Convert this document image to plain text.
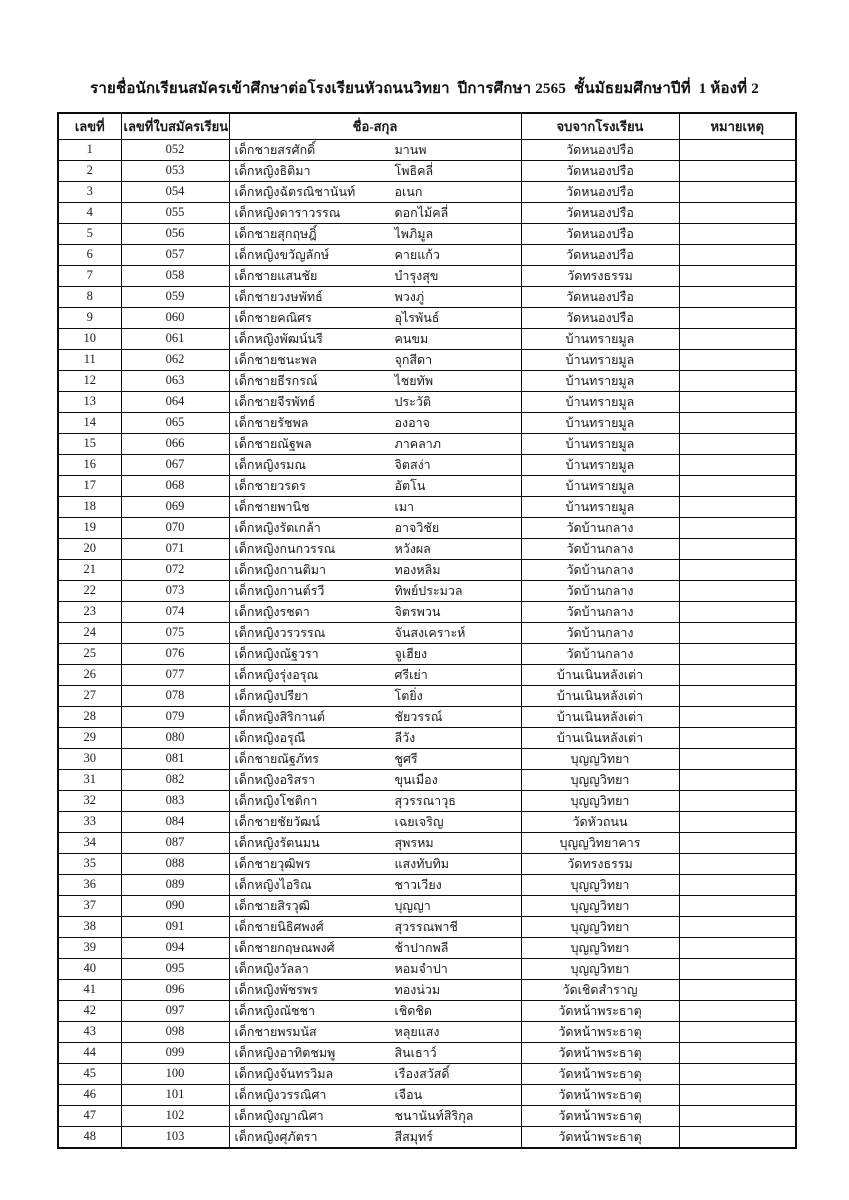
รายชื่อนักเรียนสมัครเข้าศึกษาต่อโรงเรียนหัวถนนวิทยา  ปีการศึกษา 2565  ชั้นมัธยมศึกษาปีที่  1 ห้องที่ 2
เลขที่	เลขที่ใบสมัครเรียน	ชื่อ-สกุล	จบจากโรงเรียน	หมายเหตุ
1	052	เด็กชายสรศักดิ์ มานพ	วัดหนองปรือ	
2	053	เด็กหญิงธิติมา โพธิคลี่	วัดหนองปรือ	
3	054	เด็กหญิงฉัตรณิชานันท์ อเนก	วัดหนองปรือ	
4	055	เด็กหญิงดาราวรรณ ดอกไม้คลี่	วัดหนองปรือ	
5	056	เด็กชายสุกฤษฎิ์ ไพภิมูล	วัดหนองปรือ	
6	057	เด็กหญิงขวัญลักษ์ คายแก้ว	วัดหนองปรือ	
7	058	เด็กชายแสนชัย บำรุงสุข	วัดทรงธรรม	
8	059	เด็กชายวงษพัทธ์ พวงภู่	วัดหนองปรือ	
9	060	เด็กชายคณิศร อุไรพันธ์	วัดหนองปรือ	
10	061	เด็กหญิงพัฒน์นรี คนขม	บ้านทรายมูล	
11	062	เด็กชายชนะพล จุกสีดา	บ้านทรายมูล	
12	063	เด็กชายธีรกรณ์ ไชยทัพ	บ้านทรายมูล	
13	064	เด็กชายจีรพัทธ์ ประวัติ	บ้านทรายมูล	
14	065	เด็กชายรัชพล องอาจ	บ้านทรายมูล	
15	066	เด็กชายณัฐพล ภาคลาภ	บ้านทรายมูล	
16	067	เด็กหญิงรมณ จิตสง่า	บ้านทรายมูล	
17	068	เด็กชายวรดร อัตโน	บ้านทรายมูล	
18	069	เด็กชายพานิช เมา	บ้านทรายมูล	
19	070	เด็กหญิงรัตเกล้า อาจวิชัย	วัดบ้านกลาง	
20	071	เด็กหญิงกนกวรรณ หวังผล	วัดบ้านกลาง	
21	072	เด็กหญิงกานติมา ทองหลิม	วัดบ้านกลาง	
22	073	เด็กหญิงกานต์รวี ทิพย์ประมวล	วัดบ้านกลาง	
23	074	เด็กหญิงรชดา จิตรพวน	วัดบ้านกลาง	
24	075	เด็กหญิงวรวรรณ จันสงเคราะห์	วัดบ้านกลาง	
25	076	เด็กหญิงณัฐวรา จูเฮียง	วัดบ้านกลาง	
26	077	เด็กหญิงรุ่งอรุณ ศรีเย่า	บ้านเนินหลังเต่า	
27	078	เด็กหญิงปรียา โตยิ่ง	บ้านเนินหลังเต่า	
28	079	เด็กหญิงสิริกานต์ ชัยวรรณ์	บ้านเนินหลังเต่า	
29	080	เด็กหญิงอรุณี ลีวัง	บ้านเนินหลังเต่า	
30	081	เด็กชายณัฐภัทร ชูศรี	บุญญวิทยา	
31	082	เด็กหญิงอริสรา ขุนเมือง	บุญญวิทยา	
32	083	เด็กหญิงโชติกา สุวรรณาวุธ	บุญญวิทยา	
33	084	เด็กชายชัยวัฒน์ เฉยเจริญ	วัดหัวถนน	
34	087	เด็กหญิงรัตนมน สุพรหม	บุญญวิทยาคาร	
35	088	เด็กชายวุฒิพร แสงทับทิม	วัดทรงธรรม	
36	089	เด็กหญิงไอริณ ชาวเวียง	บุญญวิทยา	
37	090	เด็กชายสิรวุฒิ บุญญา	บุญญวิทยา	
38	091	เด็กชายนิธิศพงศ์ สุวรรณพาชี	บุญญวิทยา	
39	094	เด็กชายกฤษณพงศ์ ช้าปากพลี	บุญญวิทยา	
40	095	เด็กหญิงวัลลา หอมจำปา	บุญญวิทยา	
41	096	เด็กหญิงพัชรพร ทองน่วม	วัดเชิดสำราญ	
42	097	เด็กหญิงณัชชา เชิดชิด	วัดหน้าพระธาตุ	
43	098	เด็กชายพรมนัส หลุยแสง	วัดหน้าพระธาตุ	
44	099	เด็กหญิงอาทิตชมพู สินเธาว์	วัดหน้าพระธาตุ	
45	100	เด็กหญิงจันทรวิมล เรืองสวัสดิ์	วัดหน้าพระธาตุ	
46	101	เด็กหญิงวรรณิศา เจือน	วัดหน้าพระธาตุ	
47	102	เด็กหญิงญาณิศา ชนานันท์สิริกุล	วัดหน้าพระธาตุ	
48	103	เด็กหญิงศุภัตรา สีสมุทร์	วัดหน้าพระธาตุ	
